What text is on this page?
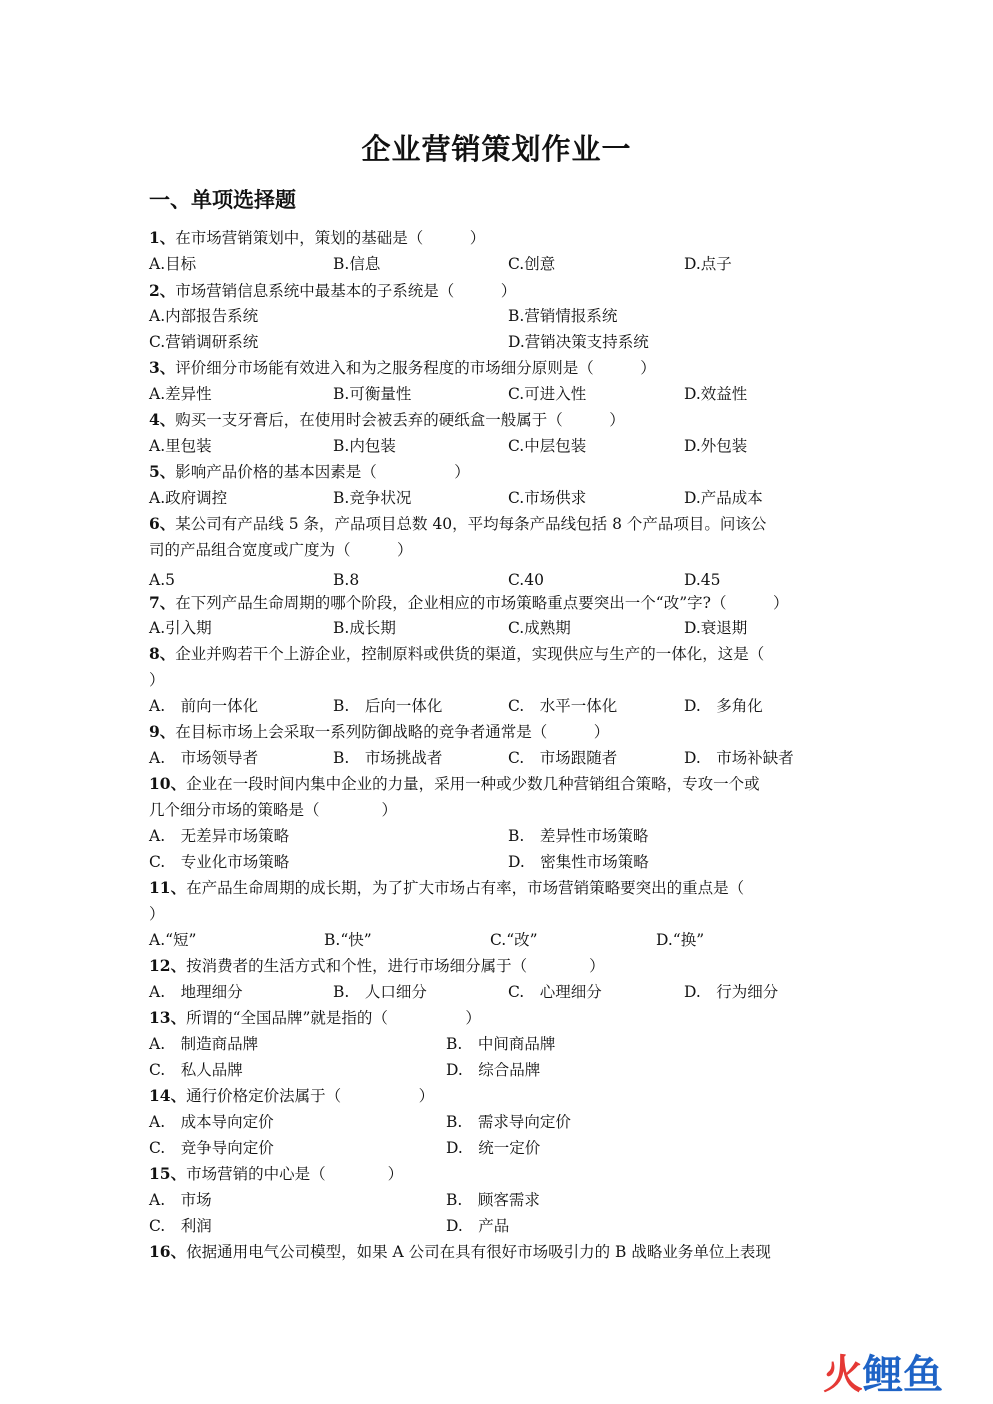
企业营销策划作业一
一、单项选择题
1、在市场营销策划中，策划的基础是（　　　）
A.目标	B.信息	C.创意	D.点子
2、市场营销信息系统中最基本的子系统是（　　　）
A.内部报告系统	B.营销情报系统
C.营销调研系统	D.营销决策支持系统
3、评价细分市场能有效进入和为之服务程度的市场细分原则是（　　　）
A.差异性	B.可衡量性	C.可进入性	D.效益性
4、购买一支牙膏后，在使用时会被丢弃的硬纸盒一般属于（　　　）
A.里包装	B.内包装	C.中层包装	D.外包装
5、影响产品价格的基本因素是（　　　　　）
A.政府调控	B.竞争状况	C.市场供求	D.产品成本
6、某公司有产品线 5 条，产品项目总数 40，平均每条产品线包括 8 个产品项目。问该公
司的产品组合宽度或广度为（　　　）
A.5	B.8	C.40	D.45
7、在下列产品生命周期的哪个阶段，企业相应的市场策略重点要突出一个“改”字?（　　　）
A.引入期	B.成长期	C.成熟期	D.衰退期
8、企业并购若干个上游企业，控制原料或供货的渠道，实现供应与生产的一体化，这是（
）
A.　前向一体化	B.　后向一体化	C.　水平一体化	D.　多角化
9、在目标市场上会采取一系列防御战略的竞争者通常是（　　　）
A.　市场领导者	B.　市场挑战者	C.　市场跟随者	D.　市场补缺者
10、企业在一段时间内集中企业的力量，采用一种或少数几种营销组合策略，专攻一个或
几个细分市场的策略是（　　　　）
A.　无差异市场策略	B.　差异性市场策略
C.　专业化市场策略	D.　密集性市场策略
11、在产品生命周期的成长期，为了扩大市场占有率，市场营销策略要突出的重点是（
）
A.“短”	B.“快”	C.“改”	D.“换”
12、按消费者的生活方式和个性，进行市场细分属于（　　　　）
A.　地理细分	B.　人口细分	C.　心理细分	D.　行为细分
13、所谓的“全国品牌”就是指的（　　　　　）
A.　制造商品牌	B.　中间商品牌
C.　私人品牌	D.　综合品牌
14、通行价格定价法属于（　　　　　）
A.　成本导向定价	B.　需求导向定价
C.　竞争导向定价	D.　统一定价
15、市场营销的中心是（　　　　）
A.　市场	B.　顾客需求
C.　利润	D.　产品
16、依据通用电气公司模型，如果 A 公司在具有很好市场吸引力的 B 战略业务单位上表现
火 鲤鱼
